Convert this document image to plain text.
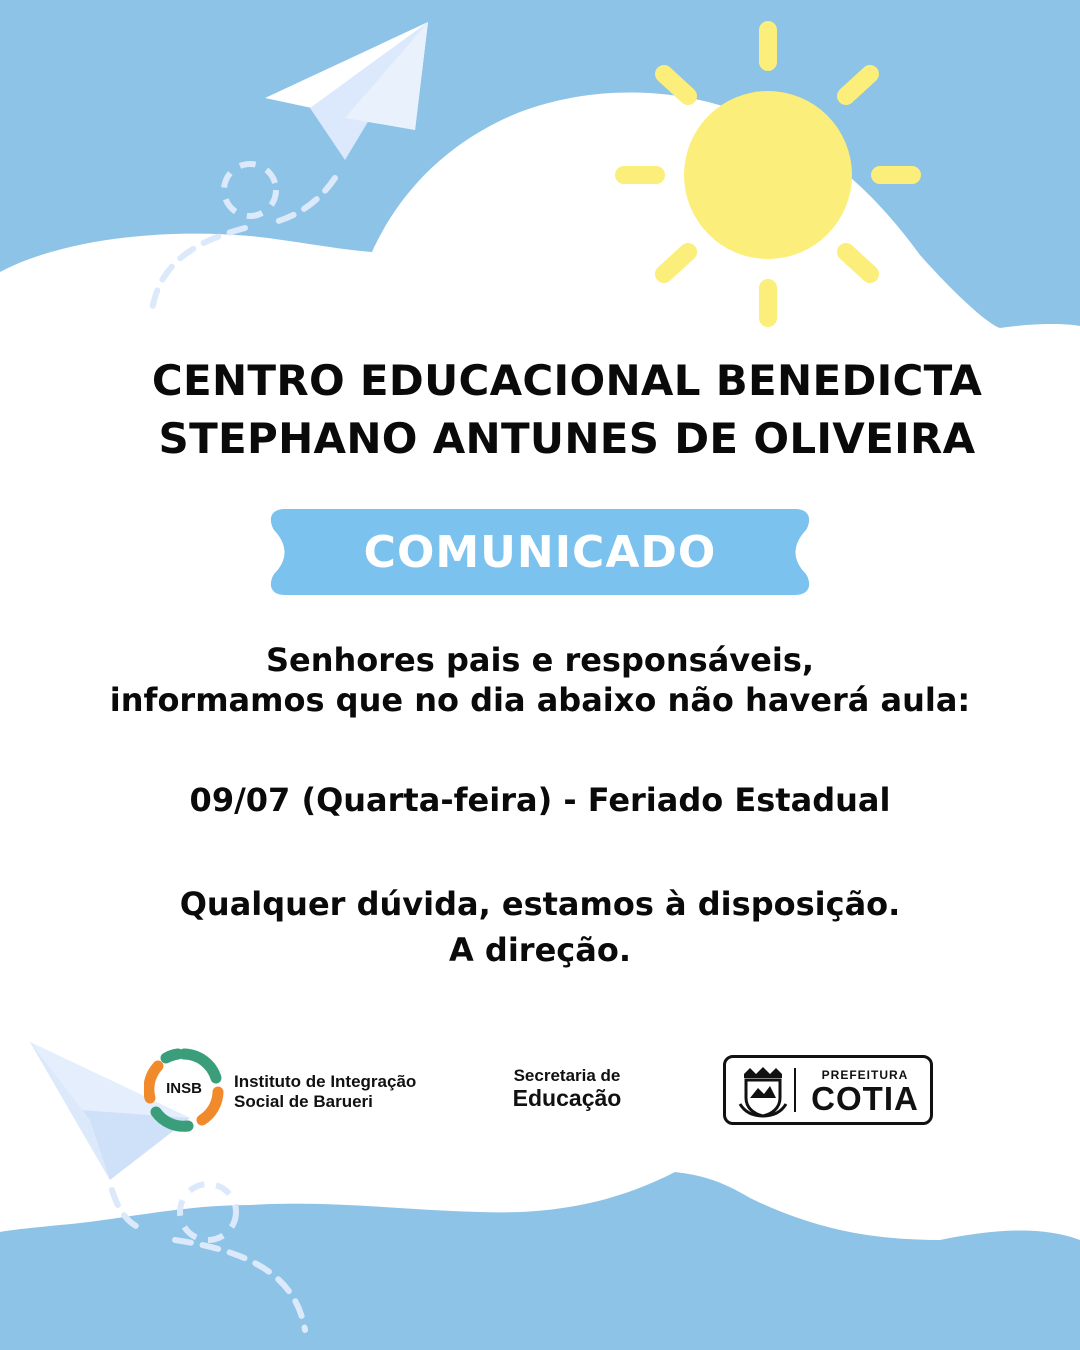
CENTRO EDUCACIONAL BENEDICTA
STEPHANO ANTUNES DE OLIVEIRA
COMUNICADO
Senhores pais e responsáveis,
informamos que no dia abaixo não haverá aula:
09/07 (Quarta-feira) - Feriado Estadual
Qualquer dúvida, estamos à disposição.
A direção.
INSB	Instituto de Integração
Social de Barueri
Secretaria de
Educação
PREFEITURA
COTIA
